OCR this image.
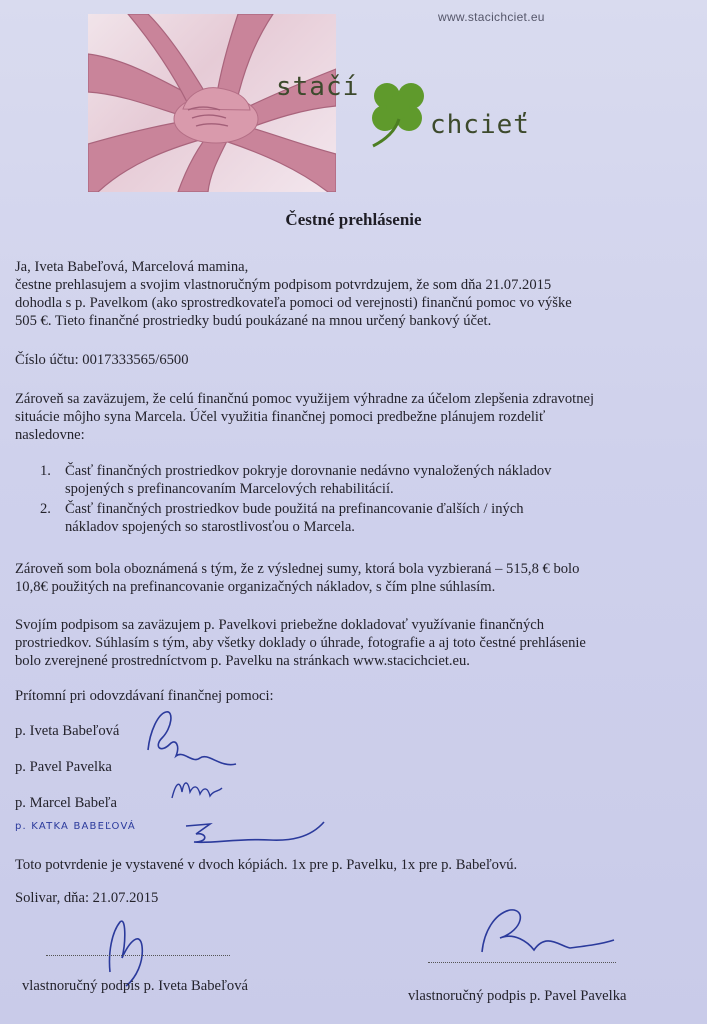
www.stacichciet.eu
stačí
chcieť
Čestné prehlásenie
Ja, Iveta Babeľová, Marcelová mamina,
čestne prehlasujem a svojim vlastnoručným podpisom potvrdzujem, že som dňa 21.07.2015
dohodla s p. Pavelkom (ako sprostredkovateľa pomoci od verejnosti) finančnú pomoc vo výške
505 €. Tieto finančné prostriedky budú poukázané na mnou určený bankový účet.
Číslo účtu: 0017333565/6500
Zároveň sa zaväzujem, že celú finančnú pomoc využijem výhradne za účelom zlepšenia zdravotnej
situácie môjho syna Marcela. Účel využitia finančnej pomoci predbežne plánujem rozdeliť
nasledovne:
1. Časť finančných prostriedkov pokryje dorovnanie nedávno vynaložených nákladov
spojených s prefinancovaním Marcelových rehabilitácií.
2. Časť finančných prostriedkov bude použitá na prefinancovanie ďalších / iných
nákladov spojených so starostlivosťou o Marcela.
Zároveň som bola oboznámená s tým, že z výslednej sumy, ktorá bola vyzbieraná – 515,8 € bolo
10,8€ použitých na prefinancovanie organizačných nákladov, s čím plne súhlasím.
Svojím podpisom sa zaväzujem p. Pavelkovi priebežne dokladovať využívanie finančných
prostriedkov. Súhlasím s tým, aby všetky doklady o úhrade, fotografie a aj toto čestné prehlásenie
bolo zverejnené prostredníctvom p. Pavelku na stránkach www.stacichciet.eu.
Prítomní pri odovzdávaní finančnej pomoci:
p. Iveta Babeľová
p. Pavel Pavelka
p. Marcel Babeľa
p. KATKA BABEĽOVÁ
Toto potvrdenie je vystavené v dvoch kópiách. 1x pre p. Pavelku, 1x pre p. Babeľovú.
Solivar, dňa: 21.07.2015
vlastnoručný podpis p. Iveta Babeľová
vlastnoručný podpis p. Pavel Pavelka
